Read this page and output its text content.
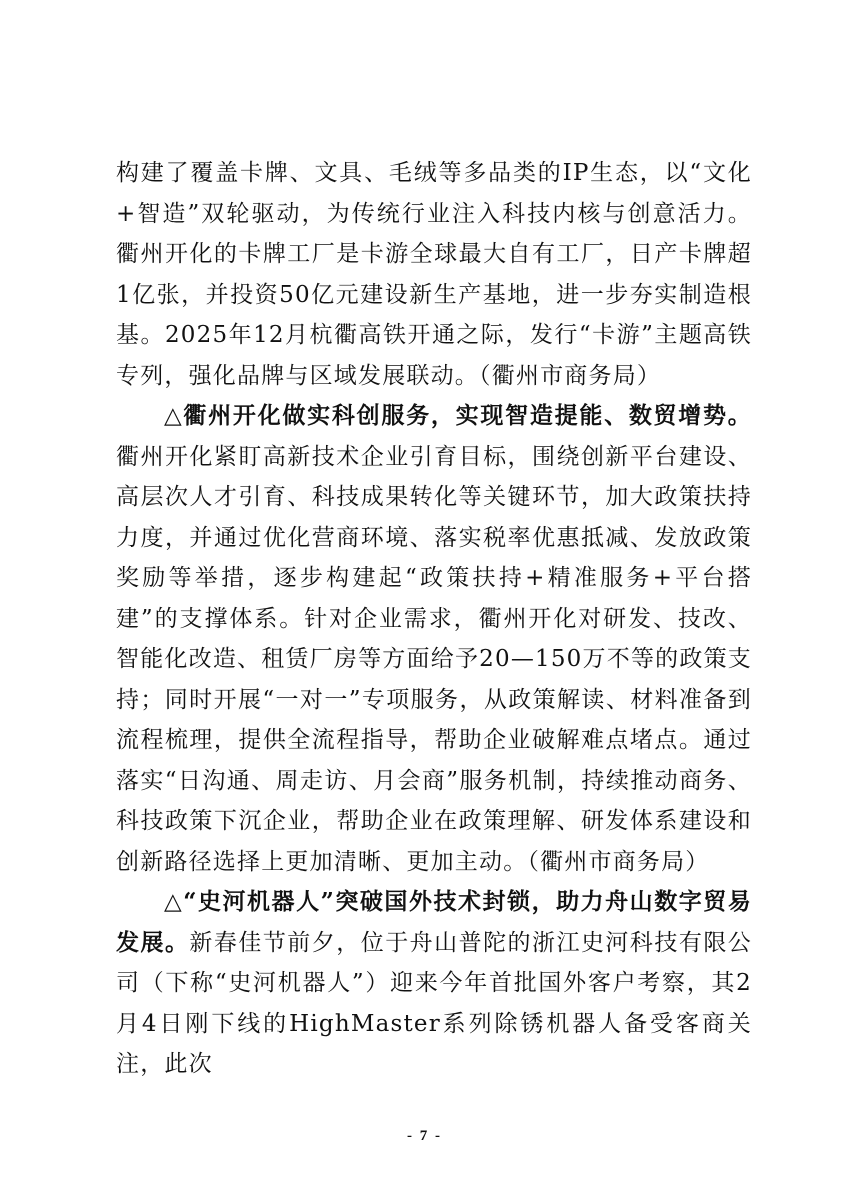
构建了覆盖卡牌、文具、毛绒等多品类的IP生态，以“文化+智造”双轮驱动，为传统行业注入科技内核与创意活力。衢州开化的卡牌工厂是卡游全球最大自有工厂，日产卡牌超1亿张，并投资50亿元建设新生产基地，进一步夯实制造根基。2025年12月杭衢高铁开通之际，发行“卡游”主题高铁专列，强化品牌与区域发展联动。（衢州市商务局）

△衢州开化做实科创服务，实现智造提能、数贸增势。衢州开化紧盯高新技术企业引育目标，围绕创新平台建设、高层次人才引育、科技成果转化等关键环节，加大政策扶持力度，并通过优化营商环境、落实税率优惠抵减、发放政策奖励等举措，逐步构建起“政策扶持+精准服务+平台搭建”的支撑体系。针对企业需求，衢州开化对研发、技改、智能化改造、租赁厂房等方面给予20—150万不等的政策支持；同时开展“一对一”专项服务，从政策解读、材料准备到流程梳理，提供全流程指导，帮助企业破解难点堵点。通过落实“日沟通、周走访、月会商”服务机制，持续推动商务、科技政策下沉企业，帮助企业在政策理解、研发体系建设和创新路径选择上更加清晰、更加主动。（衢州市商务局）

△“史河机器人”突破国外技术封锁，助力舟山数字贸易发展。新春佳节前夕，位于舟山普陀的浙江史河科技有限公司（下称“史河机器人”）迎来今年首批国外客户考察，其2月4日刚下线的HighMaster系列除锈机器人备受客商关注，此次

- 7 -
